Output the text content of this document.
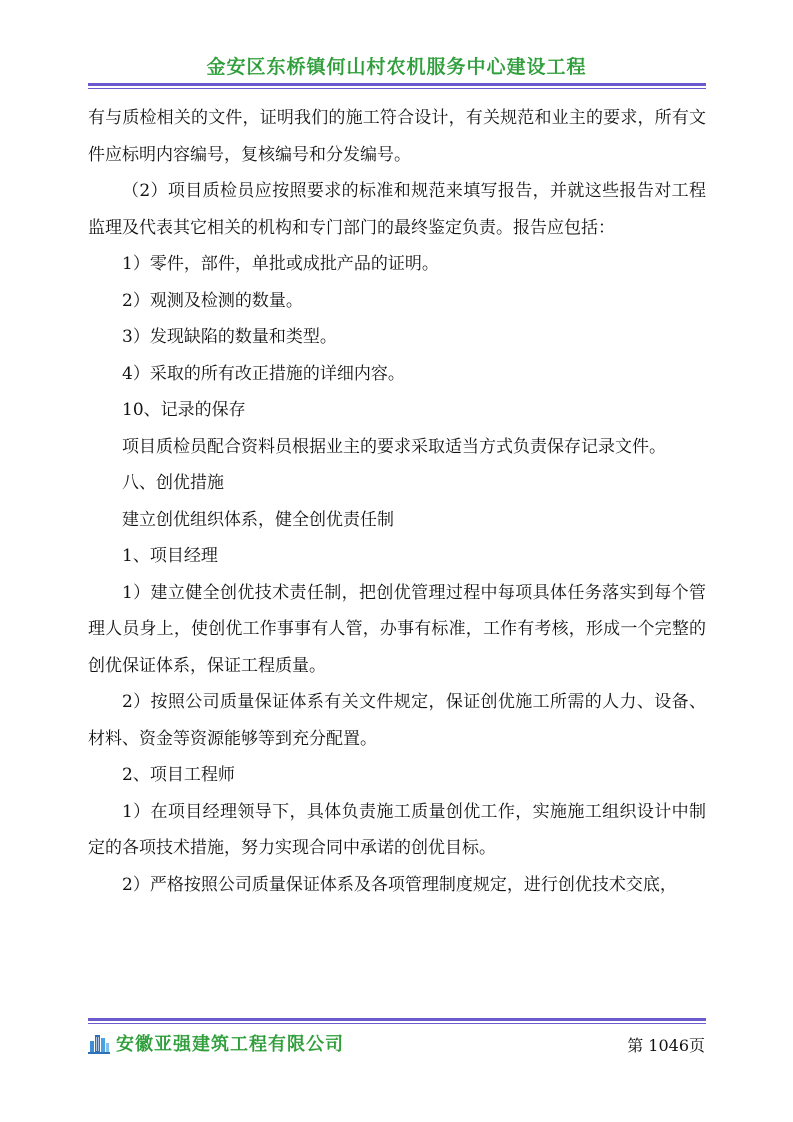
金安区东桥镇何山村农机服务中心建设工程

有与质检相关的文件，证明我们的施工符合设计，有关规范和业主的要求，所有文件应标明内容编号，复核编号和分发编号。

（2）项目质检员应按照要求的标准和规范来填写报告，并就这些报告对工程监理及代表其它相关的机构和专门部门的最终鉴定负责。报告应包括：

1）零件，部件，单批或成批产品的证明。

2）观测及检测的数量。

3）发现缺陷的数量和类型。

4）采取的所有改正措施的详细内容。

10、记录的保存

项目质检员配合资料员根据业主的要求采取适当方式负责保存记录文件。

八、创优措施

建立创优组织体系，健全创优责任制

1、项目经理

1）建立健全创优技术责任制，把创优管理过程中每项具体任务落实到每个管理人员身上，使创优工作事事有人管，办事有标准，工作有考核，形成一个完整的创优保证体系，保证工程质量。

2）按照公司质量保证体系有关文件规定，保证创优施工所需的人力、设备、材料、资金等资源能够等到充分配置。

2、项目工程师

1）在项目经理领导下，具体负责施工质量创优工作，实施施工组织设计中制定的各项技术措施，努力实现合同中承诺的创优目标。

2）严格按照公司质量保证体系及各项管理制度规定，进行创优技术交底，

安徽亚强建筑工程有限公司	第 1046页
